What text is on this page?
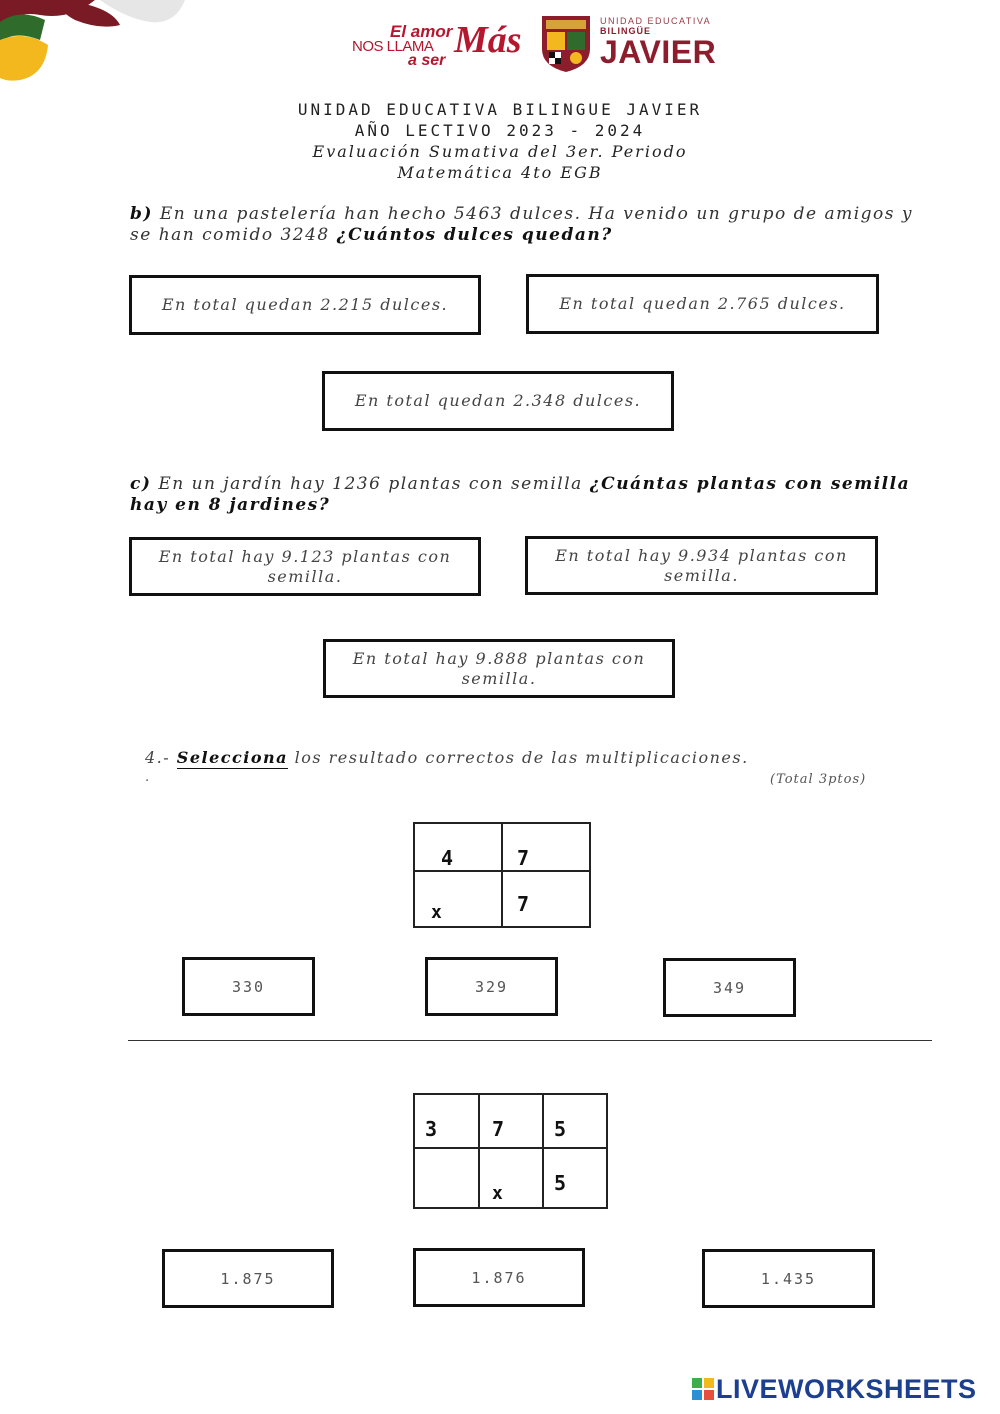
El amor
NOS LLAMA
a ser Más	UNIDAD EDUCATIVA
BILINGÜE
JAVIER
UNIDAD EDUCATIVA BILINGUE JAVIER
AÑO LECTIVO 2023 - 2024
Evaluación Sumativa del 3er. Periodo
Matemática 4to EGB
b) En una pastelería han hecho 5463 dulces. Ha venido un grupo de amigos y se han comido 3248 ¿Cuántos dulces quedan?
En total quedan 2.215 dulces.	En total quedan 2.765 dulces.
En total quedan 2.348 dulces.
c) En un jardín hay 1236 plantas con semilla ¿Cuántas plantas con semilla hay en 8 jardines?
En total hay 9.123 plantas con semilla.
En total hay 9.934 plantas con semilla.
En total hay 9.888 plantas con semilla.
4.- Selecciona los resultado correctos de las multiplicaciones.
.	(Total 3ptos)
4	7

x	7
330	329	349
3	7	5

	x	5
1.875	1.876	1.435
LIVEWORKSHEETS
